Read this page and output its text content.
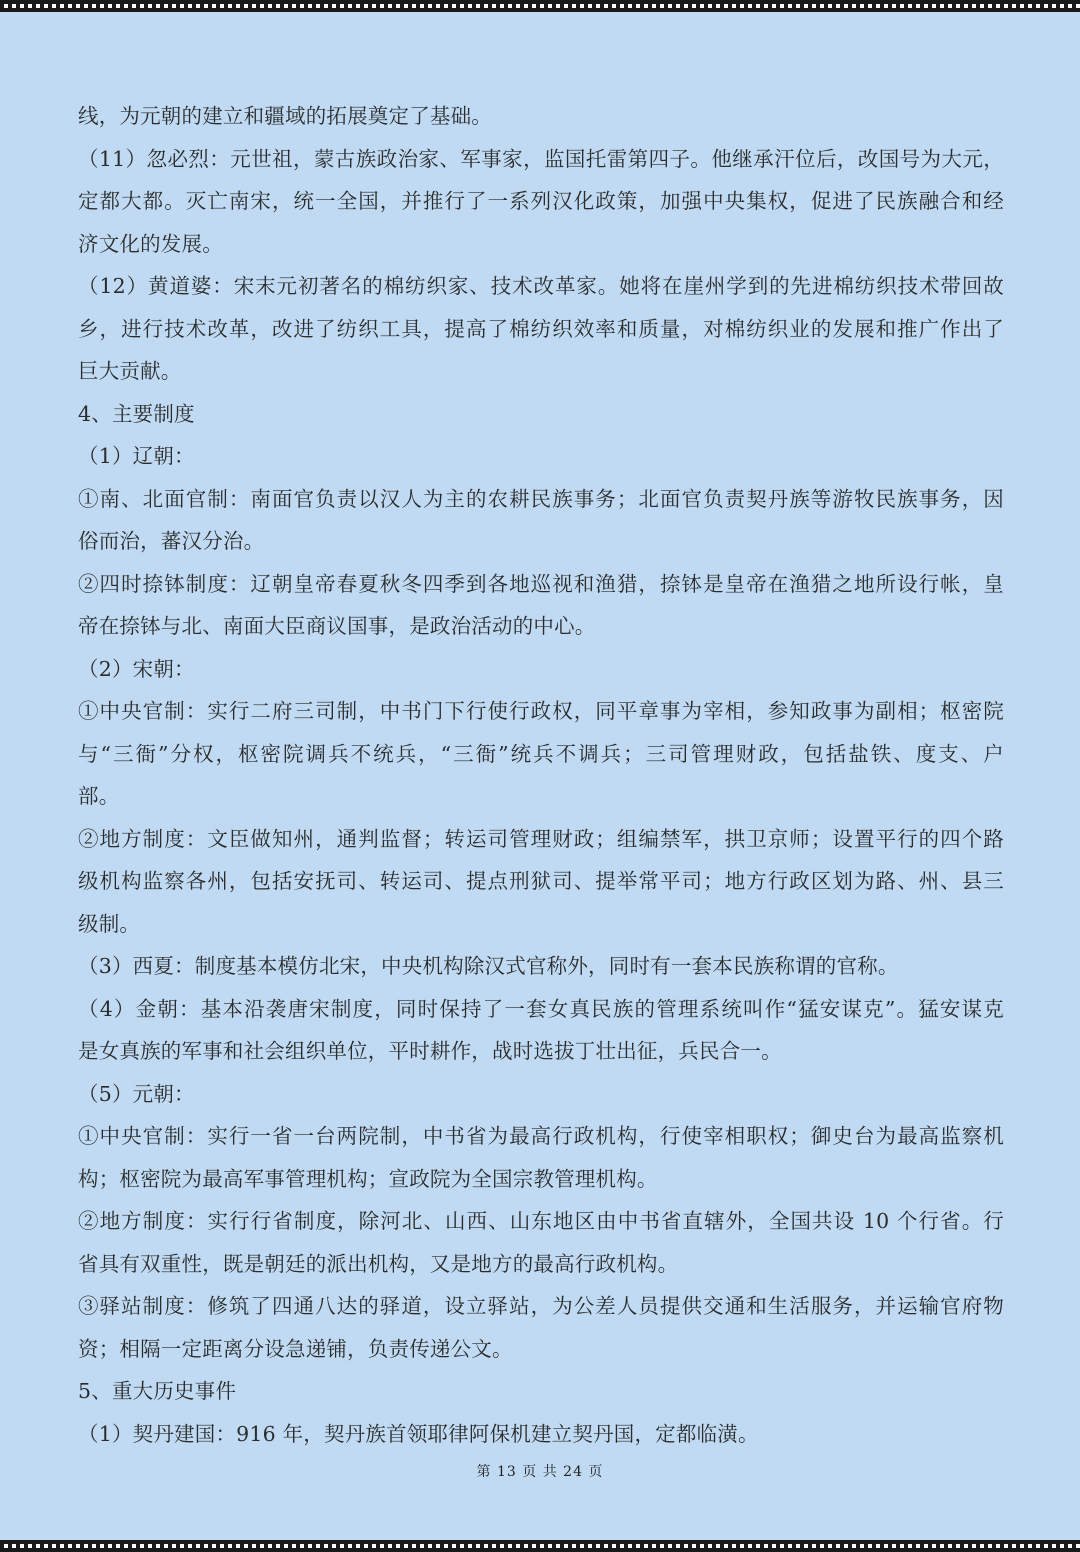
线，为元朝的建立和疆域的拓展奠定了基础。
（11）忽必烈：元世祖，蒙古族政治家、军事家，监国托雷第四子。他继承汗位后，改国号为大元，
定都大都。灭亡南宋，统一全国，并推行了一系列汉化政策，加强中央集权，促进了民族融合和经
济文化的发展。
（12）黄道婆：宋末元初著名的棉纺织家、技术改革家。她将在崖州学到的先进棉纺织技术带回故
乡，进行技术改革，改进了纺织工具，提高了棉纺织效率和质量，对棉纺织业的发展和推广作出了
巨大贡献。
4、主要制度
（1）辽朝：
①南、北面官制：南面官负责以汉人为主的农耕民族事务；北面官负责契丹族等游牧民族事务，因
俗而治，蕃汉分治。
②四时捺钵制度：辽朝皇帝春夏秋冬四季到各地巡视和渔猎，捺钵是皇帝在渔猎之地所设行帐，皇
帝在捺钵与北、南面大臣商议国事，是政治活动的中心。
（2）宋朝：
①中央官制：实行二府三司制，中书门下行使行政权，同平章事为宰相，参知政事为副相；枢密院
与“三衙”分权，枢密院调兵不统兵，“三衙”统兵不调兵；三司管理财政，包括盐铁、度支、户
部。
②地方制度：文臣做知州，通判监督；转运司管理财政；组编禁军，拱卫京师；设置平行的四个路
级机构监察各州，包括安抚司、转运司、提点刑狱司、提举常平司；地方行政区划为路、州、县三
级制。
（3）西夏：制度基本模仿北宋，中央机构除汉式官称外，同时有一套本民族称谓的官称。
（4）金朝：基本沿袭唐宋制度，同时保持了一套女真民族的管理系统叫作“猛安谋克”。猛安谋克
是女真族的军事和社会组织单位，平时耕作，战时选拔丁壮出征，兵民合一。
（5）元朝：
①中央官制：实行一省一台两院制，中书省为最高行政机构，行使宰相职权；御史台为最高监察机
构；枢密院为最高军事管理机构；宣政院为全国宗教管理机构。
②地方制度：实行行省制度，除河北、山西、山东地区由中书省直辖外，全国共设 10 个行省。行
省具有双重性，既是朝廷的派出机构，又是地方的最高行政机构。
③驿站制度：修筑了四通八达的驿道，设立驿站，为公差人员提供交通和生活服务，并运输官府物
资；相隔一定距离分设急递铺，负责传递公文。
5、重大历史事件
（1）契丹建国：916 年，契丹族首领耶律阿保机建立契丹国，定都临潢。
第 13 页 共 24 页
